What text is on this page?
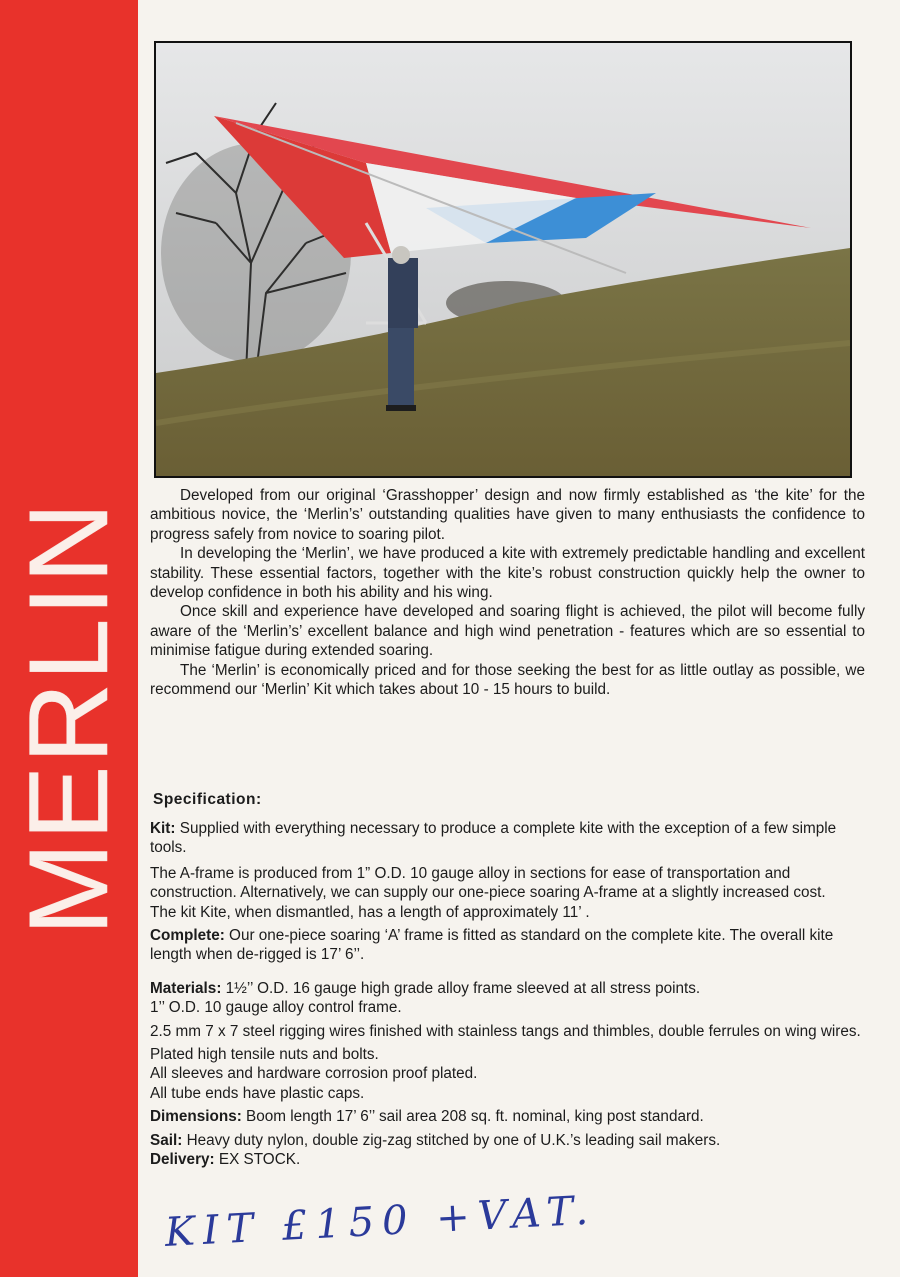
MERLIN

Developed from our original ‘Grasshopper’ design and now firmly established as ‘the kite’ for the ambitious novice, the ‘Merlin’s’ outstanding qualities have given to many enthusiasts the confidence to progress safely from novice to soaring pilot.

In developing the ‘Merlin’, we have produced a kite with extremely predictable handling and excellent stability. These essential factors, together with the kite’s robust construction quickly help the owner to develop confidence in both his ability and his wing.

Once skill and experience have developed and soaring flight is achieved, the pilot will become fully aware of the ‘Merlin’s’ excellent balance and high wind penetration - features which are so essential to minimise fatigue during extended soaring.

The ‘Merlin’ is economically priced and for those seeking the best for as little outlay as possible, we recommend our ‘Merlin’ Kit which takes about 10 - 15 hours to build.

Specification:

Kit: Supplied with everything necessary to produce a complete kite with the exception of a few simple tools.

The A-frame is produced from 1” O.D. 10 gauge alloy in sections for ease of transportation and construction. Alternatively, we can supply our one-piece soaring A-frame at a slightly increased cost.

The kit Kite, when dismantled, has a length of approximately 11’ .

Complete: Our one-piece soaring ‘A’ frame is fitted as standard on the complete kite. The overall kite length when de-rigged is 17’ 6’’.

Materials: 1½’’ O.D. 16 gauge high grade alloy frame sleeved at all stress points.

1’’ O.D. 10 gauge alloy control frame.

2.5 mm 7 x 7 steel rigging wires finished with stainless tangs and thimbles, double ferrules on wing wires.

Plated high tensile nuts and bolts.

All sleeves and hardware corrosion proof plated.

All tube ends have plastic caps.

Dimensions: Boom length 17’ 6’’ sail area 208 sq. ft. nominal, king post standard.

Sail: Heavy duty nylon, double zig-zag stitched by one of U.K.’s leading sail makers.

Delivery: EX STOCK.

KIT £150 +VAT.
